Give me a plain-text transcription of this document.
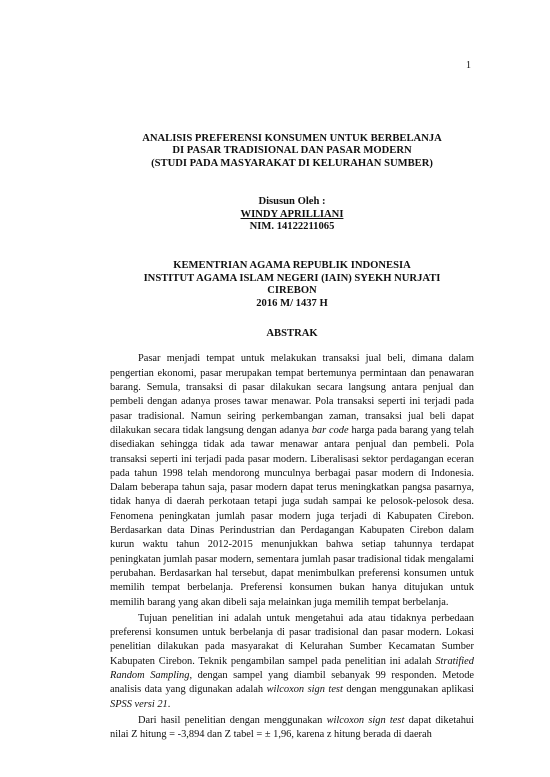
1

ANALISIS PREFERENSI KONSUMEN UNTUK BERBELANJA

DI PASAR TRADISIONAL DAN PASAR MODERN

(STUDI PADA MASYARAKAT DI KELURAHAN SUMBER)

Disusun Oleh :

WINDY APRILLIANI

NIM. 14122211065

KEMENTRIAN AGAMA REPUBLIK INDONESIA

INSTITUT AGAMA ISLAM NEGERI (IAIN) SYEKH NURJATI

CIREBON

2016 M/ 1437 H

ABSTRAK

Pasar menjadi tempat untuk melakukan transaksi jual beli, dimana dalam pengertian ekonomi, pasar merupakan tempat bertemunya permintaan dan penawaran barang. Semula, transaksi di pasar dilakukan secara langsung antara penjual dan pembeli dengan adanya proses tawar menawar. Pola transaksi seperti ini terjadi pada pasar tradisional. Namun seiring perkembangan zaman, transaksi jual beli dapat dilakukan secara tidak langsung dengan adanya bar code harga pada barang yang telah disediakan sehingga tidak ada tawar menawar antara penjual dan pembeli. Pola transaksi seperti ini terjadi pada pasar modern. Liberalisasi sektor perdagangan eceran pada tahun 1998 telah mendorong munculnya berbagai pasar modern di Indonesia. Dalam beberapa tahun saja, pasar modern dapat terus meningkatkan pangsa pasarnya, tidak hanya di daerah perkotaan tetapi juga sudah sampai ke pelosok-pelosok desa. Fenomena peningkatan jumlah pasar modern juga terjadi di Kabupaten Cirebon. Berdasarkan data Dinas Perindustrian dan Perdagangan Kabupaten Cirebon dalam kurun waktu tahun 2012-2015 menunjukkan bahwa setiap tahunnya terdapat peningkatan jumlah pasar modern, sementara jumlah pasar tradisional tidak mengalami perubahan. Berdasarkan hal tersebut, dapat menimbulkan preferensi konsumen untuk memilih tempat berbelanja. Preferensi konsumen bukan hanya ditujukan untuk memilih barang yang akan dibeli saja melainkan juga memilih tempat berbelanja.

Tujuan penelitian ini adalah untuk mengetahui ada atau tidaknya perbedaan preferensi konsumen untuk berbelanja di pasar tradisional dan pasar modern. Lokasi penelitian dilakukan pada masyarakat di Kelurahan Sumber Kecamatan Sumber Kabupaten Cirebon. Teknik pengambilan sampel pada penelitian ini adalah Stratified Random Sampling, dengan sampel yang diambil sebanyak 99 responden. Metode analisis data yang digunakan adalah wilcoxon sign test dengan menggunakan aplikasi SPSS versi 21.

Dari hasil penelitian dengan menggunakan wilcoxon sign test dapat diketahui nilai Z hitung = -3,894 dan Z tabel = ± 1,96, karena z hitung berada di daerah
